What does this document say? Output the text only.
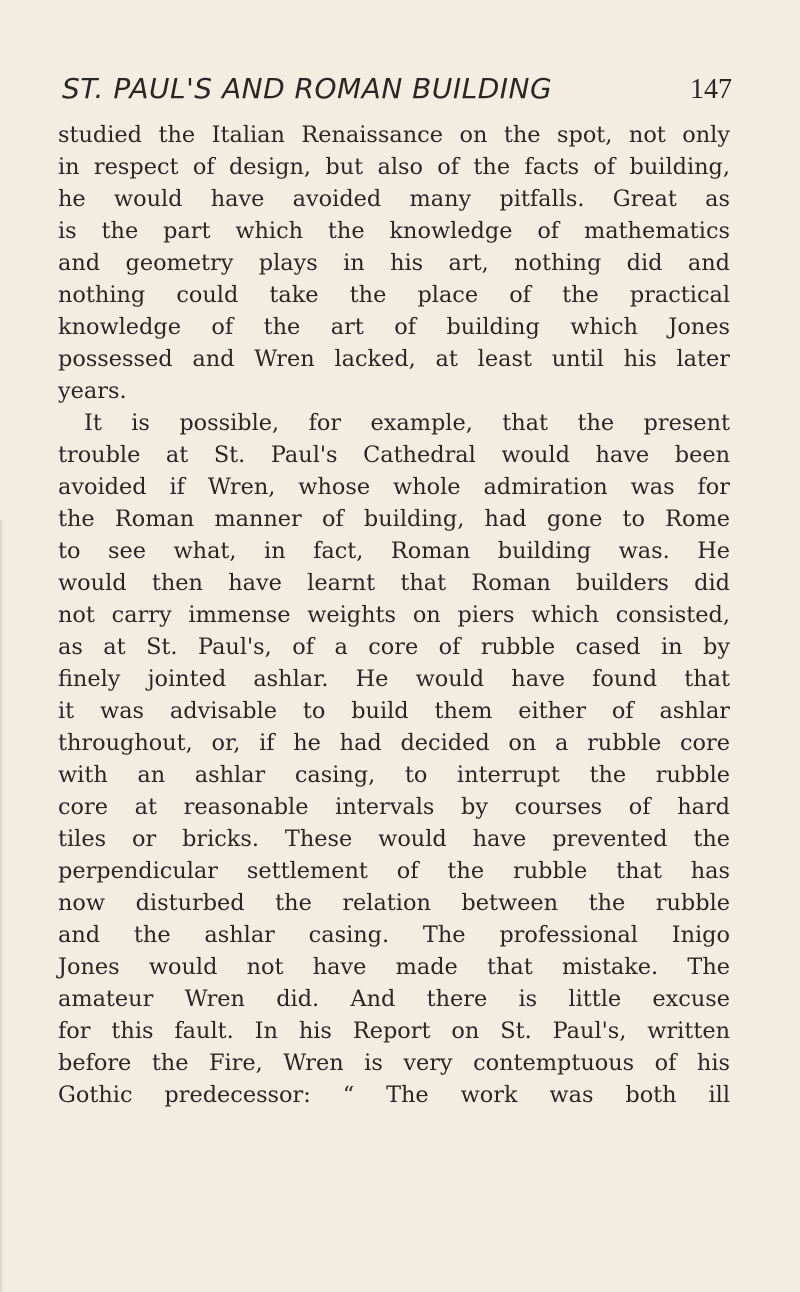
ST. PAUL'S AND ROMAN BUILDING	147
studied the Italian Renaissance on the spot, not only
in respect of design, but also of the facts of building,
he would have avoided many pitfalls. Great as
is the part which the knowledge of mathematics
and geometry plays in his art, nothing did and
nothing could take the place of the practical
knowledge of the art of building which Jones
possessed and Wren lacked, at least until his later
years.
It is possible, for example, that the present
trouble at St. Paul's Cathedral would have been
avoided if Wren, whose whole admiration was for
the Roman manner of building, had gone to Rome
to see what, in fact, Roman building was. He
would then have learnt that Roman builders did
not carry immense weights on piers which consisted,
as at St. Paul's, of a core of rubble cased in by
finely jointed ashlar. He would have found that
it was advisable to build them either of ashlar
throughout, or, if he had decided on a rubble core
with an ashlar casing, to interrupt the rubble
core at reasonable intervals by courses of hard
tiles or bricks. These would have prevented the
perpendicular settlement of the rubble that has
now disturbed the relation between the rubble
and the ashlar casing. The professional Inigo
Jones would not have made that mistake. The
amateur Wren did. And there is little excuse
for this fault. In his Report on St. Paul's, written
before the Fire, Wren is very contemptuous of his
Gothic predecessor: “ The work was both ill
